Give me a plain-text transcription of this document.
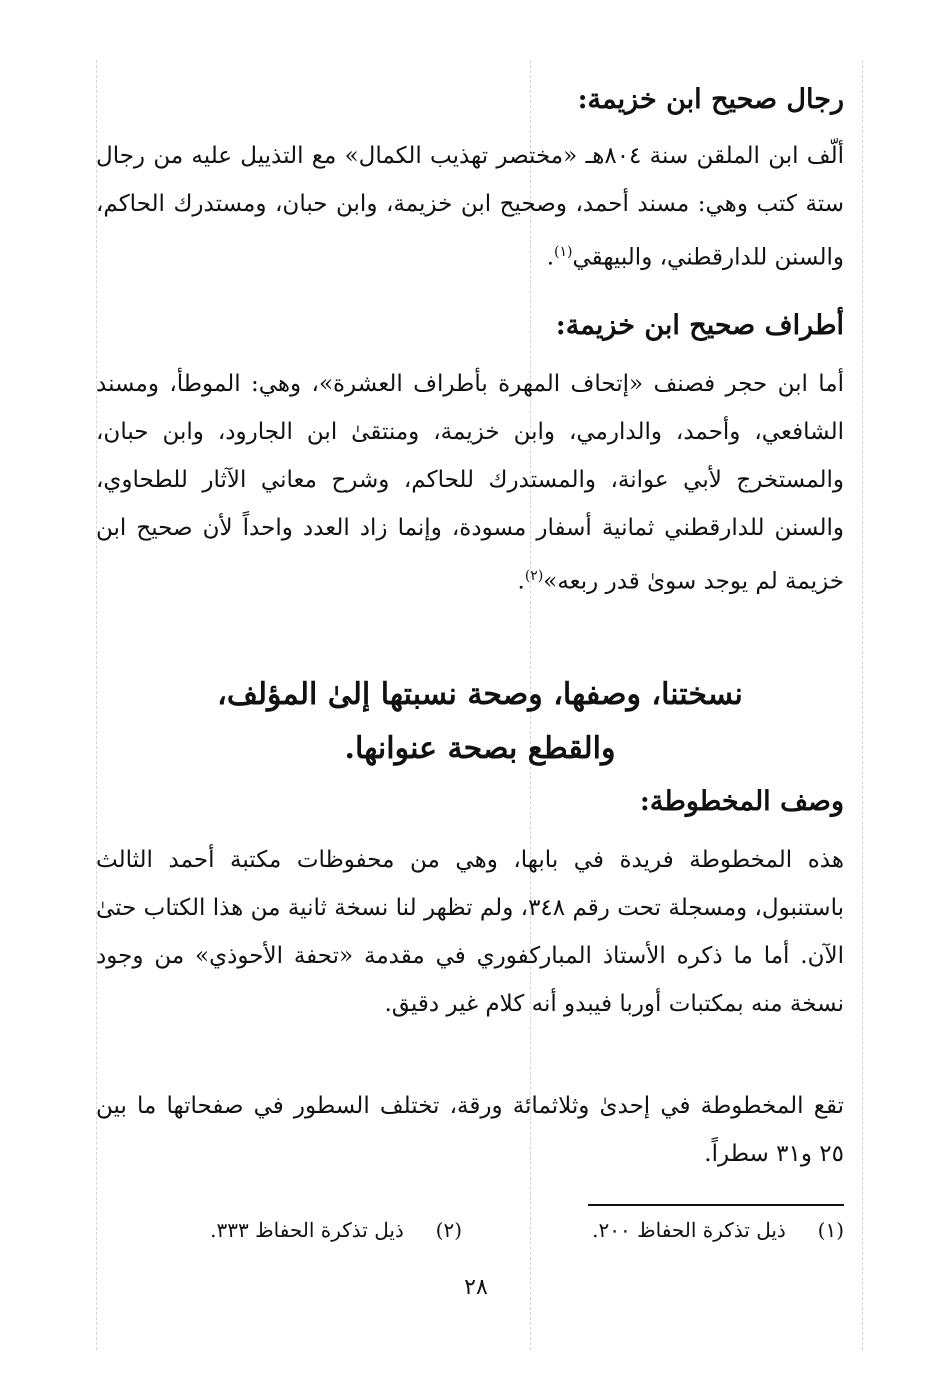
رجال صحيح ابن خزيمة:
ألّف ابن الملقن سنة ٨٠٤هـ «مختصر تهذيب الكمال» مع التذييل عليه من رجال ستة كتب وهي: مسند أحمد، وصحيح ابن خزيمة، وابن حبان، ومستدرك الحاكم، والسنن للدارقطني، والبيهقي$^{(١)}$.
أطراف صحيح ابن خزيمة:
أما ابن حجر فصنف «إتحاف المهرة بأطراف العشرة»، وهي: الموطأ، ومسند الشافعي، وأحمد، والدارمي، وابن خزيمة، ومنتقىٰ ابن الجارود، وابن حبان، والمستخرج لأبي عوانة، والمستدرك للحاكم، وشرح معاني الآثار للطحاوي، والسنن للدارقطني ثمانية أسفار مسودة، وإنما زاد العدد واحداً لأن صحيح ابن خزيمة لم يوجد سوىٰ قدر ربعه»$^{(٢)}$.
نسختنا، وصفها، وصحة نسبتها إلىٰ المؤلف،
والقطع بصحة عنوانها.
وصف المخطوطة:

هذه المخطوطة فريدة في بابها، وهي من محفوظات مكتبة أحمد الثالث باستنبول، ومسجلة تحت رقم ٣٤٨، ولم تظهر لنا نسخة ثانية من هذا الكتاب حتىٰ الآن. أما ما ذكره الأستاذ المباركفوري في مقدمة «تحفة الأحوذي» من وجود نسخة منه بمكتبات أوربا فيبدو أنه كلام غير دقيق.

تقع المخطوطة في إحدىٰ وثلاثمائة ورقة، تختلف السطور في صفحاتها ما بين ٢٥ و٣١ سطراً.

(١)     ذيل تذكرة الحفاظ ٢٠٠.
(٢)     ذيل تذكرة الحفاظ ٣٣٣.
٢٨
